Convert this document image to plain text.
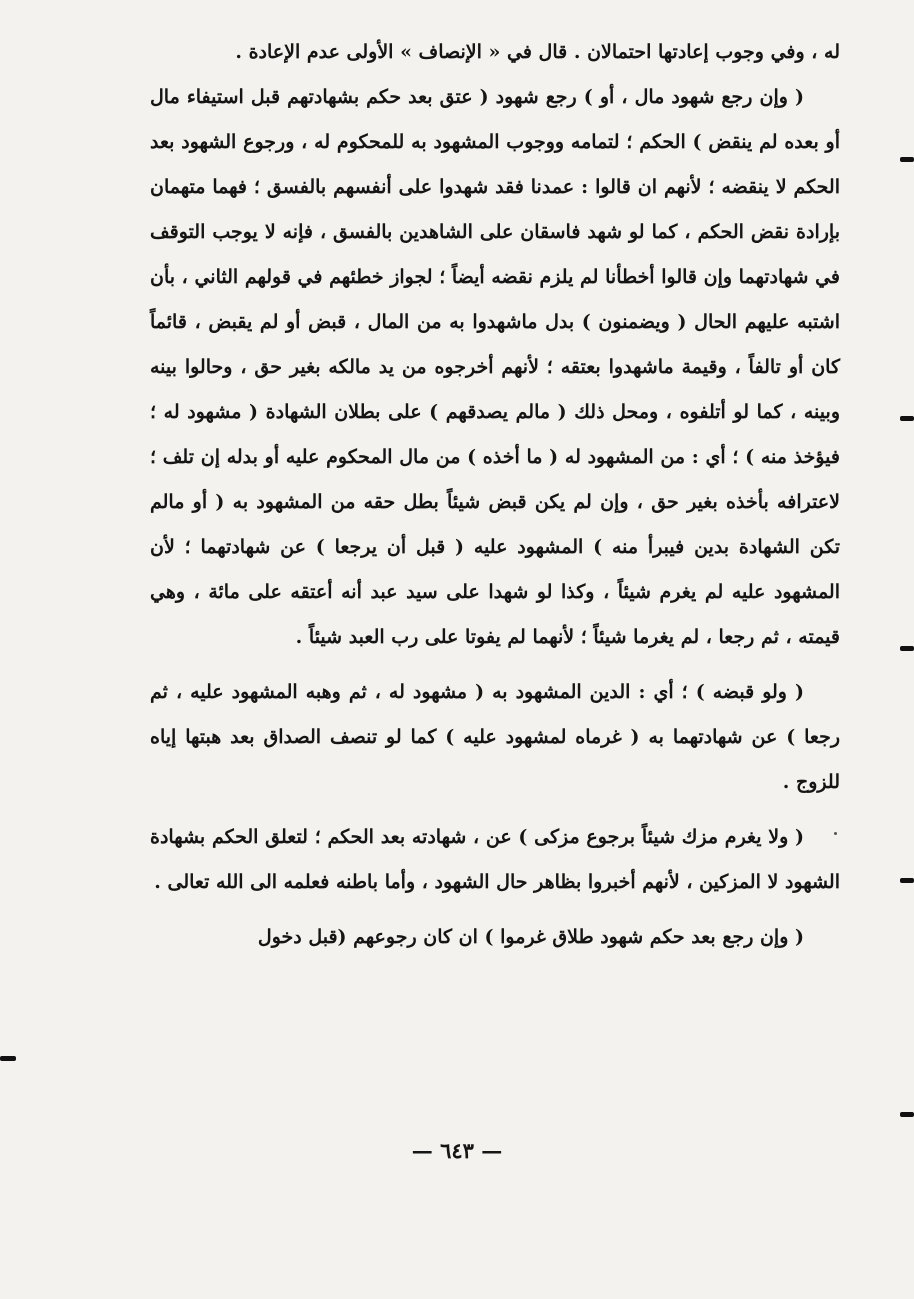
له ، وفي وجوب إعادتها احتمالان . قال في « الإنصاف » الأولى عدم الإعادة .

( وإن رجع شهود مال ، أو ) رجع شهود ( عتق بعد حكم بشهادتهم قبل استيفاء مال أو بعده لم ينقض ) الحكم ؛ لتمامه ووجوب المشهود به للمحكوم له ، ورجوع الشهود بعد الحكم لا ينقضه ؛ لأنهم ان قالوا : عمدنا فقد شهدوا على أنفسهم بالفسق ؛ فهما متهمان بإرادة نقض الحكم ، كما لو شهد فاسقان على الشاهدين بالفسق ، فإنه لا يوجب التوقف في شهادتهما وإن قالوا أخطأنا لم يلزم نقضه أيضاً ؛ لجواز خطئهم في قولهم الثاني ، بأن اشتبه عليهم الحال ( ويضمنون ) بدل ماشهدوا به من المال ، قبض أو لم يقبض ، قائماً كان أو تالفاً ، وقيمة ماشهدوا بعتقه ؛ لأنهم أخرجوه من يد مالكه بغير حق ، وحالوا بينه وبينه ، كما لو أتلفوه ، ومحل ذلك ( مالم يصدقهم ) على بطلان الشهادة ( مشهود له ؛ فيؤخذ منه ) ؛ أي : من المشهود له ( ما أخذه ) من مال المحكوم عليه أو بدله إن تلف ؛ لاعترافه بأخذه بغير حق ، وإن لم يكن قبض شيئاً بطل حقه من المشهود به ( أو مالم تكن الشهادة بدين فيبرأ منه ) المشهود عليه ( قبل أن يرجعا ) عن شهادتهما ؛ لأن المشهود عليه لم يغرم شيئاً ، وكذا لو شهدا على سيد عبد أنه أعتقه على مائة ، وهي قيمته ، ثم رجعا ، لم يغرما شيئاً ؛ لأنهما لم يفوتا على رب العبد شيئاً .

( ولو قبضه ) ؛ أي : الدين المشهود به ( مشهود له ، ثم وهبه المشهود عليه ، ثم رجعا ) عن شهادتهما به ( غرماه لمشهود عليه ) كما لو تنصف الصداق بعد هبتها إياه للزوج .

( ولا يغرم مزك شيئاً برجوع مزكى ) عن ، شهادته بعد الحكم ؛ لتعلق الحكم بشهادة الشهود لا المزكين ، لأنهم أخبروا بظاهر حال الشهود ، وأما باطنه فعلمه الى الله تعالى .

( وإن رجع بعد حكم شهود طلاق غرموا ) ان كان رجوعهم (قبل دخول

— ٦٤٣ —
